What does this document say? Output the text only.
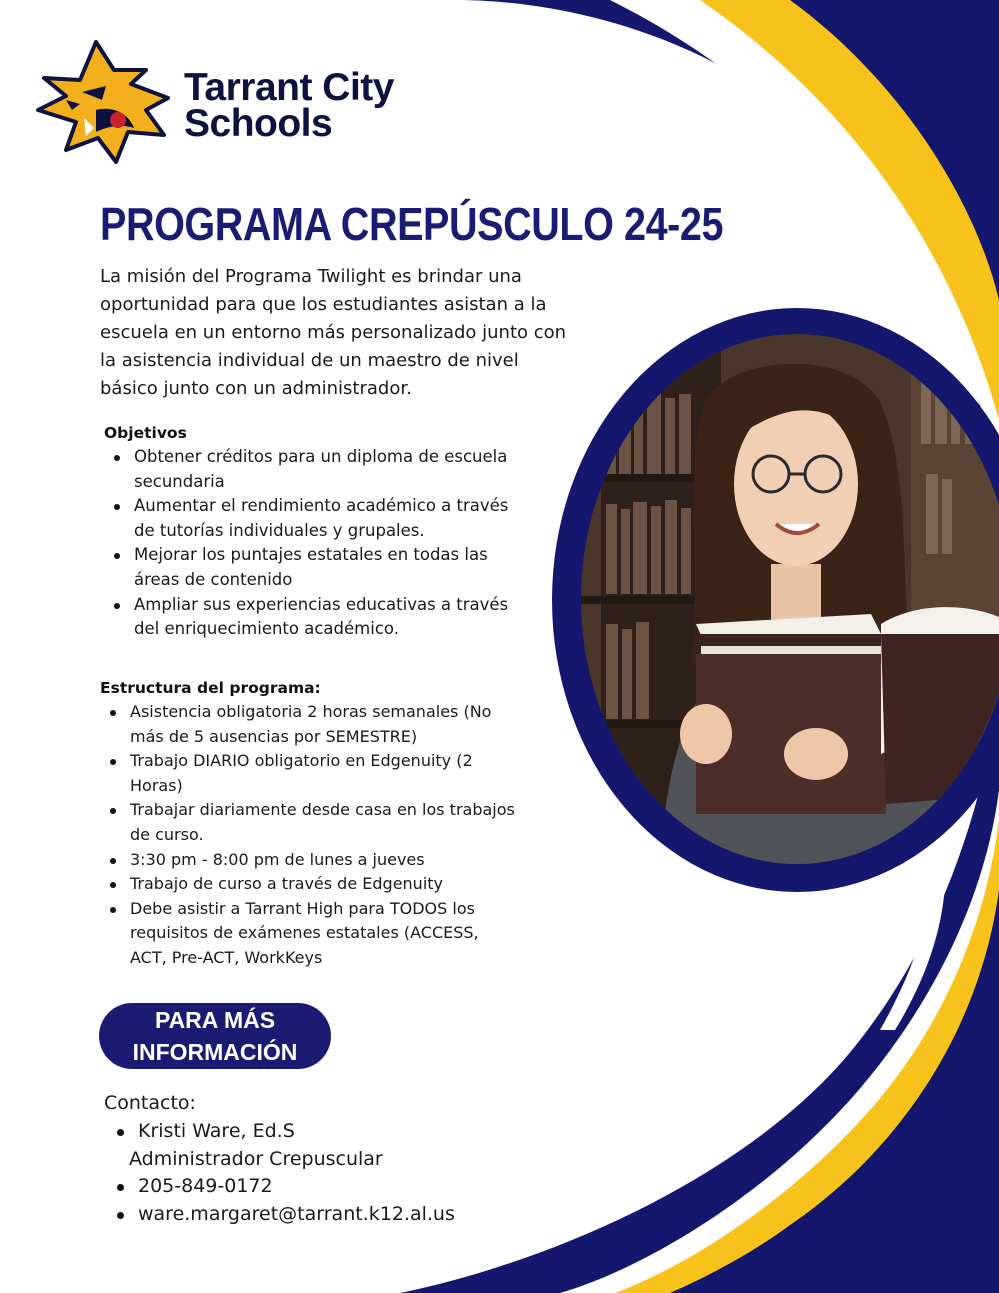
Tarrant City
Schools
PROGRAMA CREPÚSCULO 24-25
La misión del Programa Twilight es brindar una oportunidad para que los estudiantes asistan a la escuela en un entorno más personalizado junto con la asistencia individual de un maestro de nivel básico junto con un administrador.
Objetivos
Obtener créditos para un diploma de escuela secundaria
Aumentar el rendimiento académico a través de tutorías individuales y grupales.
Mejorar los puntajes estatales en todas las áreas de contenido
Ampliar sus experiencias educativas a través del enriquecimiento académico.
Estructura del programa:
Asistencia obligatoria 2 horas semanales (No más de 5 ausencias por SEMESTRE)
Trabajo DIARIO obligatorio en Edgenuity (2 Horas)
Trabajar diariamente desde casa en los trabajos de curso.
3:30 pm - 8:00 pm de lunes a jueves
Trabajo de curso a través de Edgenuity
Debe asistir a Tarrant High para TODOS los requisitos de exámenes estatales (ACCESS, ACT, Pre-ACT, WorkKeys
PARA MÁS
INFORMACIÓN
Contacto:
Kristi Ware, Ed.S
Administrador Crepuscular
205-849-0172
ware.margaret@tarrant.k12.al.us
